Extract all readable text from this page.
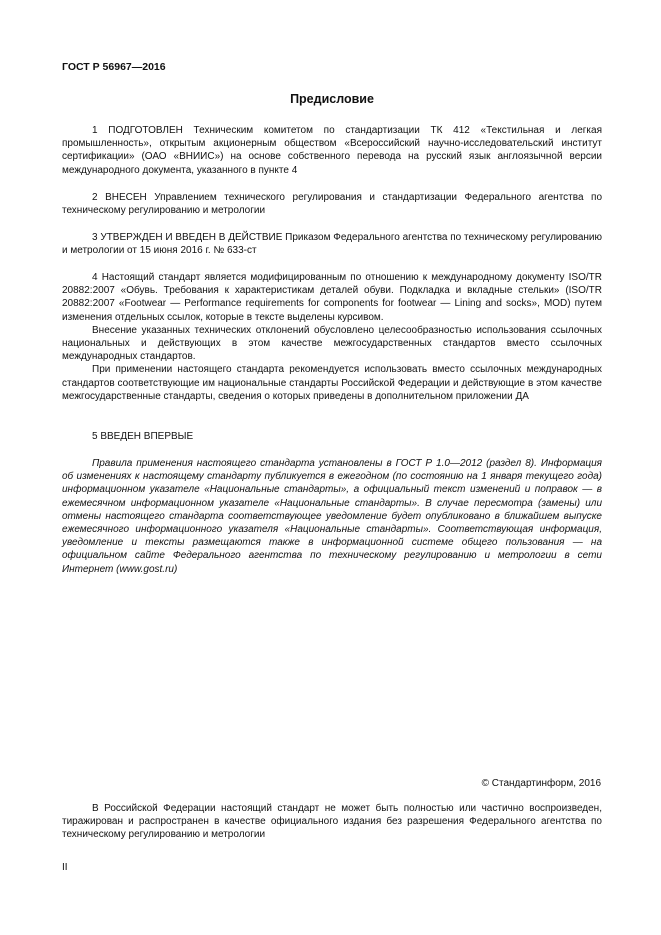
ГОСТ Р 56967—2016
Предисловие

1 ПОДГОТОВЛЕН Техническим комитетом по стандартизации ТК 412 «Текстильная и легкая промышленность», открытым акционерным обществом «Всероссийский научно-исследовательский институт сертификации» (ОАО «ВНИИС») на основе собственного перевода на русский язык англоязычной версии международного документа, указанного в пункте 4

2 ВНЕСЕН Управлением технического регулирования и стандартизации Федерального агентства по техническому регулированию и метрологии

3 УТВЕРЖДЕН И ВВЕДЕН В ДЕЙСТВИЕ Приказом Федерального агентства по техническому регулированию и метрологии от 15 июня 2016 г. № 633-ст

4 Настоящий стандарт является модифицированным по отношению к международному документу ISO/TR 20882:2007 «Обувь. Требования к характеристикам деталей обуви. Подкладка и вкладные стельки» (ISO/TR 20882:2007 «Footwear — Performance requirements for components for footwear — Lining and socks», MOD) путем изменения отдельных ссылок, которые в тексте выделены курсивом.

Внесение указанных технических отклонений обусловлено целесообразностью использования ссылочных национальных и действующих в этом качестве межгосударственных стандартов вместо ссылочных международных стандартов.

При применении настоящего стандарта рекомендуется использовать вместо ссылочных международных стандартов соответствующие им национальные стандарты Российской Федерации и действующие в этом качестве межгосударственные стандарты, сведения о которых приведены в дополнительном приложении ДА

5 ВВЕДЕН ВПЕРВЫЕ

Правила применения настоящего стандарта установлены в ГОСТ Р 1.0—2012 (раздел 8). Информация об изменениях к настоящему стандарту публикуется в ежегодном (по состоянию на 1 января текущего года) информационном указателе «Национальные стандарты», а официальный текст изменений и поправок — в ежемесячном информационном указателе «Национальные стандарты». В случае пересмотра (замены) или отмены настоящего стандарта соответствующее уведомление будет опубликовано в ближайшем выпуске ежемесячного информационного указателя «Национальные стандарты». Соответствующая информация, уведомление и тексты размещаются также в информационной системе общего пользования — на официальном сайте Федерального агентства по техническому регулированию и метрологии в сети Интернет (www.gost.ru)

© Стандартинформ, 2016

В Российской Федерации настоящий стандарт не может быть полностью или частично воспроизведен, тиражирован и распространен в качестве официального издания без разрешения Федерального агентства по техническому регулированию и метрологии

II
